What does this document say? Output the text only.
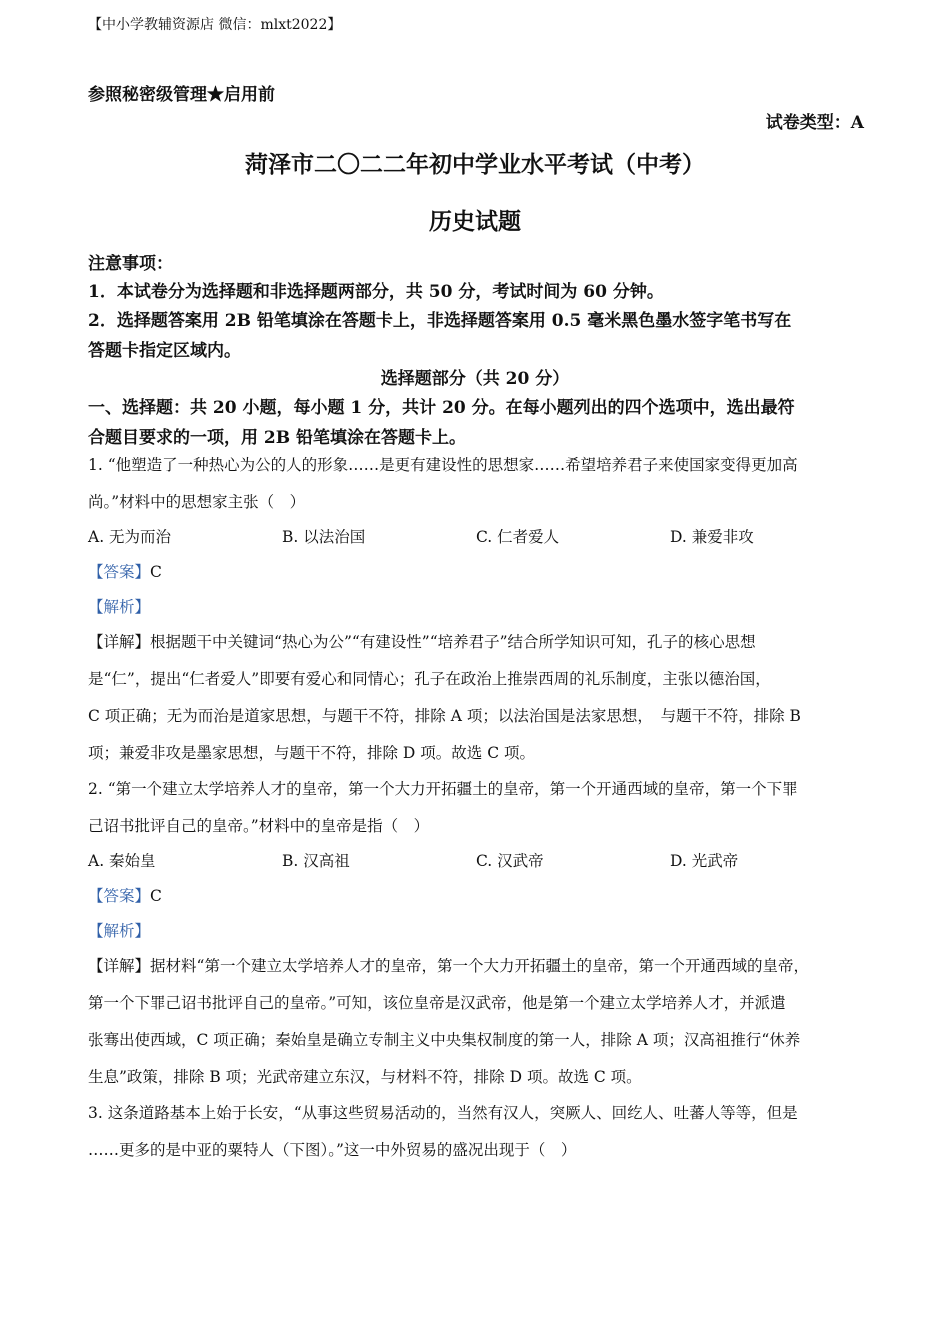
【中小学教辅资源店 微信：mlxt2022】
参照秘密级管理★启用前
试卷类型：A
菏泽市二〇二二年初中学业水平考试（中考）
历史试题
注意事项：
1．本试卷分为选择题和非选择题两部分，共 50 分，考试时间为 60 分钟。
2．选择题答案用 2B 铅笔填涂在答题卡上，非选择题答案用 0.5 毫米黑色墨水签字笔书写在
答题卡指定区域内。
选择题部分（共 20 分）
一、选择题：共 20 小题，每小题 1 分，共计 20 分。在每小题列出的四个选项中，选出最符
合题目要求的一项，用 2B 铅笔填涂在答题卡上。
1. “他塑造了一种热心为公的人的形象……是更有建设性的思想家……希望培养君子来使国家变得更加高
尚。”材料中的思想家主张（　）
A. 无为而治	B. 以法治国	C. 仁者爱人	D. 兼爱非攻
【答案】C
【解析】
【详解】根据题干中关键词“热心为公”“有建设性”“培养君子”结合所学知识可知，孔子的核心思想
是“仁”，提出“仁者爱人”即要有爱心和同情心；孔子在政治上推崇西周的礼乐制度，主张以德治国，
C 项正确；无为而治是道家思想，与题干不符，排除 A 项；以法治国是法家思想，　与题干不符，排除 B
项；兼爱非攻是墨家思想，与题干不符，排除 D 项。故选 C 项。
2. “第一个建立太学培养人才的皇帝，第一个大力开拓疆土的皇帝，第一个开通西域的皇帝，第一个下罪
己诏书批评自己的皇帝。”材料中的皇帝是指（　）
A. 秦始皇	B. 汉高祖	C. 汉武帝	D. 光武帝
【答案】C
【解析】
【详解】据材料“第一个建立太学培养人才的皇帝，第一个大力开拓疆土的皇帝，第一个开通西域的皇帝，
第一个下罪己诏书批评自己的皇帝。”可知，该位皇帝是汉武帝，他是第一个建立太学培养人才，并派遣
张骞出使西域，C 项正确；秦始皇是确立专制主义中央集权制度的第一人，排除 A 项；汉高祖推行“休养
生息”政策，排除 B 项；光武帝建立东汉，与材料不符，排除 D 项。故选 C 项。
3. 这条道路基本上始于长安，“从事这些贸易活动的，当然有汉人，突厥人、回纥人、吐蕃人等等，但是
……更多的是中亚的粟特人（下图）。”这一中外贸易的盛况出现于（　）
